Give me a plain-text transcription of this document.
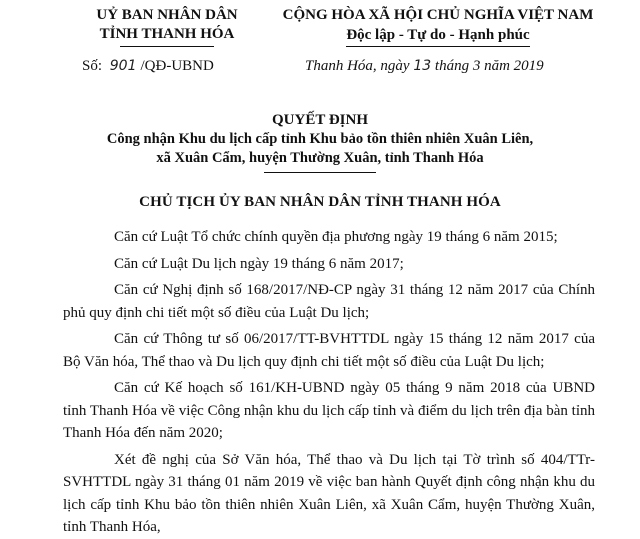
UỶ BAN NHÂN DÂN
TỈNH THANH HÓA
CỘNG HÒA XÃ HỘI CHỦ NGHĨA VIỆT NAM
Độc lập - Tự do - Hạnh phúc
Số: 901 /QĐ-UBND	Thanh Hóa, ngày 13 tháng 3 năm 2019
QUYẾT ĐỊNH
Công nhận Khu du lịch cấp tỉnh Khu bảo tồn thiên nhiên Xuân Liên,
xã Xuân Cẩm, huyện Thường Xuân, tỉnh Thanh Hóa
CHỦ TỊCH ỦY BAN NHÂN DÂN TỈNH THANH HÓA

Căn cứ Luật Tổ chức chính quyền địa phương ngày 19 tháng 6 năm 2015;

Căn cứ Luật Du lịch ngày 19 tháng 6 năm 2017;

Căn cứ Nghị định số 168/2017/NĐ-CP ngày 31 tháng 12 năm 2017 của Chính phủ quy định chi tiết một số điều của Luật Du lịch;

Căn cứ Thông tư số 06/2017/TT-BVHTTDL ngày 15 tháng 12 năm 2017 của Bộ Văn hóa, Thể thao và Du lịch quy định chi tiết một số điều của Luật Du lịch;

Căn cứ Kế hoạch số 161/KH-UBND ngày 05 tháng 9 năm 2018 của UBND tỉnh Thanh Hóa về việc Công nhận khu du lịch cấp tỉnh và điểm du lịch trên địa bàn tỉnh Thanh Hóa đến năm 2020;

Xét đề nghị của Sở Văn hóa, Thể thao và Du lịch tại Tờ trình số 404/TTr-SVHTTDL ngày 31 tháng 01 năm 2019 về việc ban hành Quyết định công nhận khu du lịch cấp tỉnh Khu bảo tồn thiên nhiên Xuân Liên, xã Xuân Cẩm, huyện Thường Xuân, tỉnh Thanh Hóa,
